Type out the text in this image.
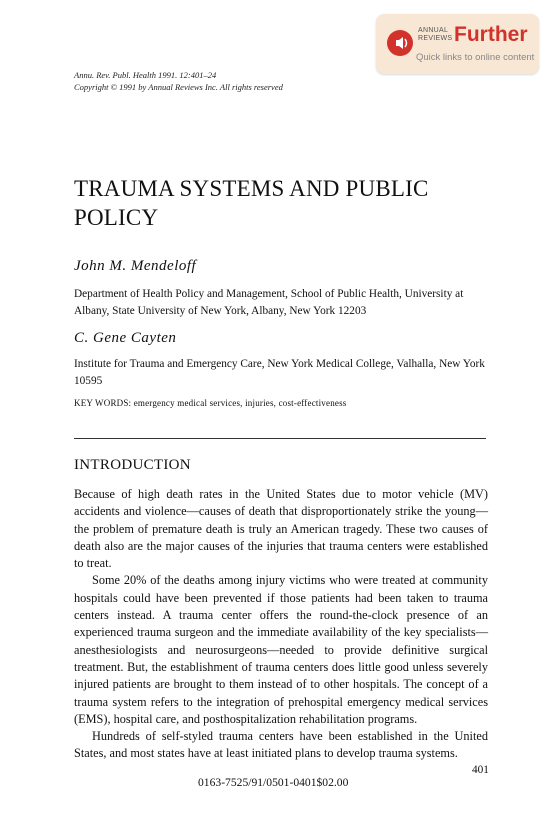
ANNUAL
REVIEWS Further
Quick links to online content
Annu. Rev. Publ. Health 1991. 12:401–24
Copyright © 1991 by Annual Reviews Inc. All rights reserved
TRAUMA SYSTEMS AND PUBLIC POLICY
John M. Mendeloff
Department of Health Policy and Management, School of Public Health, University at Albany, State University of New York, Albany, New York 12203
C. Gene Cayten
Institute for Trauma and Emergency Care, New York Medical College, Valhalla, New York 10595
KEY WORDS: emergency medical services, injuries, cost-effectiveness
INTRODUCTION

Because of high death rates in the United States due to motor vehicle (MV) accidents and violence—causes of death that disproportionately strike the young—the problem of premature death is truly an American tragedy. These two causes of death also are the major causes of the injuries that trauma centers were established to treat.

Some 20% of the deaths among injury victims who were treated at community hospitals could have been prevented if those patients had been taken to trauma centers instead. A trauma center offers the round-the-clock presence of an experienced trauma surgeon and the immediate availability of the key specialists—anesthesiologists and neurosurgeons—needed to provide definitive surgical treatment. But, the establishment of trauma centers does little good unless severely injured patients are brought to them instead of to other hospitals. The concept of a trauma system refers to the integration of prehospital emergency medical services (EMS), hospital care, and posthospitalization rehabilitation programs.

Hundreds of self-styled trauma centers have been established in the United States, and most states have at least initiated plans to develop trauma systems.

401
0163-7525/91/0501-0401$02.00
